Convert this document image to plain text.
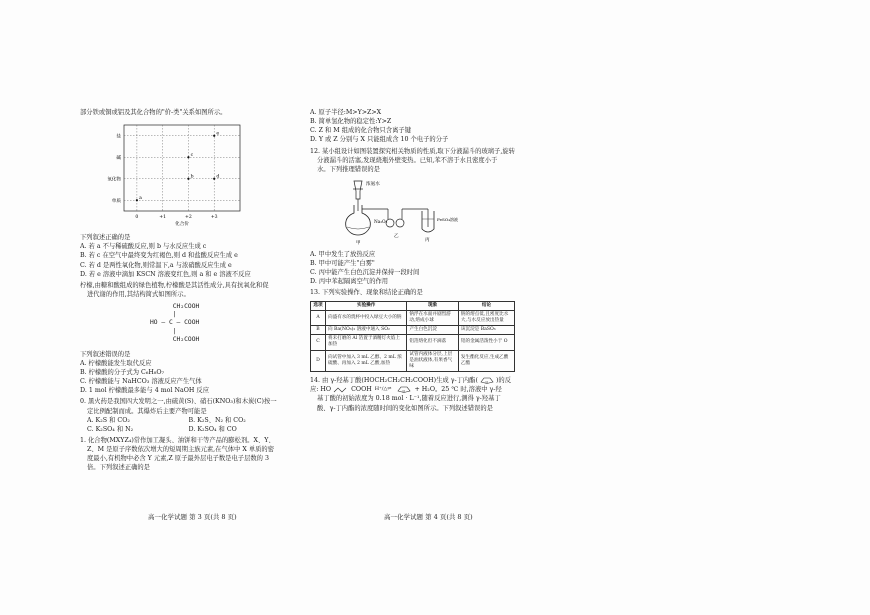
部分铁或铜或铝及其化合物的"价-类"关系如图所示。
0	+1	+2	+3
盐
碱
氧化物
单质
化合价
a
b
c
d
e
下列叙述正确的是
A. 若 a 不与稀硫酸反应,则 b 与水反应生成 c
B. 若 c 在空气中最终变为红褐色,则 d 和盐酸反应生成 e
C. 若 d 是两性氧化物,则常温下,a 与浓硝酸反应生成 e
D. 若 e 溶液中滴加 KSCN 溶液变红色,则 a 和 e 溶液不反应
柠檬,由糖和酸组成的绿色植物,柠檬酸是其活性成分,具有抗氧化和促
进代谢的作用,其结构简式如图所示。
CH₂COOH
|
HO — C — COOH
|
CH₂COOH
下列叙述错误的是
A. 柠檬酸能发生取代反应
B. 柠檬酸的分子式为 C₆H₈O₇
C. 柠檬酸能与 NaHCO₃ 溶液反应产生气体
D. 1 mol 柠檬酸最多能与 4 mol NaOH 反应
0. 黑火药是我国四大发明之一,由硫黄(S)、硝石(KNO₃)和木炭(C)按一
定比例配制而成。其爆炸后主要产物可能是
A. K₂S 和 CO₂	B. K₂S、N₂ 和 CO₂
C. K₂SO₄ 和 N₂	D. K₂SO₄ 和 CO
1. 化合物(MXYZ₄)常作加工凝头、油饼和干等产品的膨松剂。X、Y、
Z、M 是原子序数依次增大的短周期主族元素,在气体中 X 单质的密
度最小,有机物中必含 Y 元素,Z 原子最外层电子数是电子层数的 3
倍。下列叙述正确的是
A. 原子半径:M>Y>Z>X
B. 简单氢化物的稳定性:Y>Z
C. Z 和 M 组成的化合物只含离子键
D. Y 或 Z 分别与 X 只能组成含 10 个电子的分子
12. 某小组设计如图装置探究相关物质的性质,取下分液漏斗的玻璃子,旋转
分液漏斗的活塞,发现烧瓶外壁变热。已知,苯不溶于水且密度小于
水。下列推理错误的是
浓氨水
Na₂O₂
甲
乙
FeSO₄溶液
丙
A. 甲中发生了放热反应
B. 甲中可能产生"白雾"
C. 丙中能产生白色沉淀并保持一段时间
D. 丙中苯起隔离空气的作用
13. 下列实验操作、现象和结论正确的是
选项	实验操作	现象	结论
A	向盛有水的烧杯中投入绿豆大小的钠	钠浮在水面并剧烈游动,熔成小球	钠的熔点低,且密度比水大,与水反应放出热量
B	向 Ba(NO₃)₂ 溶液中通入 SO₂	产生白色沉淀	该沉淀是 BaSO₃
C	将未打磨的 Al 箔置于酒精灯火焰上加热	铝箔熔化但不滴落	铝的金属活泼性小于 O
D	向试管中加入 3 mL 乙醇、2 mL 浓硫酸、再加入 2 mL 乙酸,加热	试管内液体分层,上层是油状液体,有果香气味	发生酯化反应,生成乙酸乙酯
14. 由 γ-羟基丁酸(HOCH₂CH₂CH₂COOH)生成 γ-丁内酯(	O )的反
应: HO	COOH H⁺/△⇌	O + H₂O。25 ℃ 时,溶液中 γ-羟
基丁酸的初始浓度为 0.18 mol · L⁻¹,随着反应进行,测得 γ-羟基丁
酸、γ-丁内酯的浓度随时间的变化如图所示。下列叙述错误的是
高一化学试题 第 3 页(共 8 页)	高一化学试题 第 4 页(共 8 页)
